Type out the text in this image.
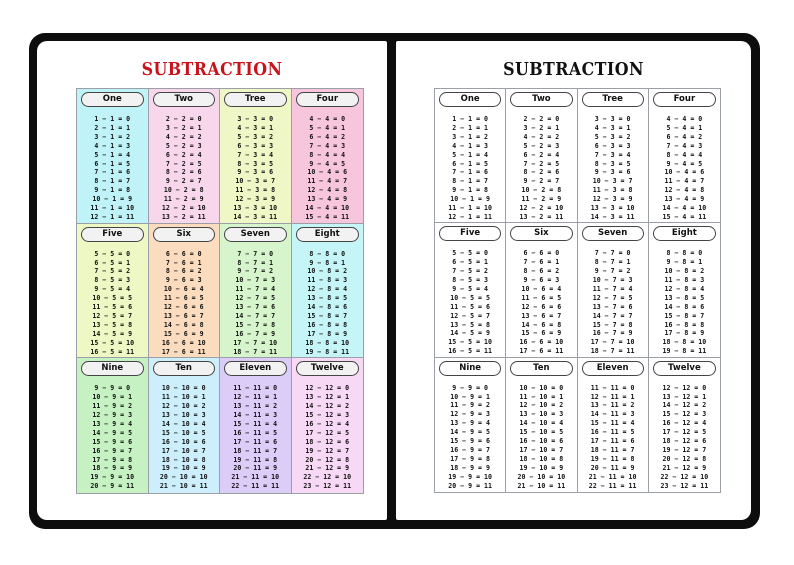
SUBTRACTION
One
1 − 1 = 0
2 − 1 = 1
3 − 1 = 2
4 − 1 = 3
5 − 1 = 4
6 − 1 = 5
7 − 1 = 6
8 − 1 = 7
9 − 1 = 8
10 − 1 = 9
11 − 1 = 10
12 − 1 = 11
Two
2 − 2 = 0
3 − 2 = 1
4 − 2 = 2
5 − 2 = 3
6 − 2 = 4
7 − 2 = 5
8 − 2 = 6
9 − 2 = 7
10 − 2 = 8
11 − 2 = 9
12 − 2 = 10
13 − 2 = 11
Tree
3 − 3 = 0
4 − 3 = 1
5 − 3 = 2
6 − 3 = 3
7 − 3 = 4
8 − 3 = 5
9 − 3 = 6
10 − 3 = 7
11 − 3 = 8
12 − 3 = 9
13 − 3 = 10
14 − 3 = 11
Four
4 − 4 = 0
5 − 4 = 1
6 − 4 = 2
7 − 4 = 3
8 − 4 = 4
9 − 4 = 5
10 − 4 = 6
11 − 4 = 7
12 − 4 = 8
13 − 4 = 9
14 − 4 = 10
15 − 4 = 11
Five
5 − 5 = 0
6 − 5 = 1
7 − 5 = 2
8 − 5 = 3
9 − 5 = 4
10 − 5 = 5
11 − 5 = 6
12 − 5 = 7
13 − 5 = 8
14 − 5 = 9
15 − 5 = 10
16 − 5 = 11
Six
6 − 6 = 0
7 − 6 = 1
8 − 6 = 2
9 − 6 = 3
10 − 6 = 4
11 − 6 = 5
12 − 6 = 6
13 − 6 = 7
14 − 6 = 8
15 − 6 = 9
16 − 6 = 10
17 − 6 = 11
Seven
7 − 7 = 0
8 − 7 = 1
9 − 7 = 2
10 − 7 = 3
11 − 7 = 4
12 − 7 = 5
13 − 7 = 6
14 − 7 = 7
15 − 7 = 8
16 − 7 = 9
17 − 7 = 10
18 − 7 = 11
Eight
8 − 8 = 0
9 − 8 = 1
10 − 8 = 2
11 − 8 = 3
12 − 8 = 4
13 − 8 = 5
14 − 8 = 6
15 − 8 = 7
16 − 8 = 8
17 − 8 = 9
18 − 8 = 10
19 − 8 = 11
Nine
9 − 9 = 0
10 − 9 = 1
11 − 9 = 2
12 − 9 = 3
13 − 9 = 4
14 − 9 = 5
15 − 9 = 6
16 − 9 = 7
17 − 9 = 8
18 − 9 = 9
19 − 9 = 10
20 − 9 = 11
Ten
10 − 10 = 0
11 − 10 = 1
12 − 10 = 2
13 − 10 = 3
14 − 10 = 4
15 − 10 = 5
16 − 10 = 6
17 − 10 = 7
18 − 10 = 8
19 − 10 = 9
20 − 10 = 10
21 − 10 = 11
Eleven
11 − 11 = 0
12 − 11 = 1
13 − 11 = 2
14 − 11 = 3
15 − 11 = 4
16 − 11 = 5
17 − 11 = 6
18 − 11 = 7
19 − 11 = 8
20 − 11 = 9
21 − 11 = 10
22 − 11 = 11
Twelve
12 − 12 = 0
13 − 12 = 1
14 − 12 = 2
15 − 12 = 3
16 − 12 = 4
17 − 12 = 5
18 − 12 = 6
19 − 12 = 7
20 − 12 = 8
21 − 12 = 9
22 − 12 = 10
23 − 12 = 11
SUBTRACTION
One
1 − 1 = 0
2 − 1 = 1
3 − 1 = 2
4 − 1 = 3
5 − 1 = 4
6 − 1 = 5
7 − 1 = 6
8 − 1 = 7
9 − 1 = 8
10 − 1 = 9
11 − 1 = 10
12 − 1 = 11
Two
2 − 2 = 0
3 − 2 = 1
4 − 2 = 2
5 − 2 = 3
6 − 2 = 4
7 − 2 = 5
8 − 2 = 6
9 − 2 = 7
10 − 2 = 8
11 − 2 = 9
12 − 2 = 10
13 − 2 = 11
Tree
3 − 3 = 0
4 − 3 = 1
5 − 3 = 2
6 − 3 = 3
7 − 3 = 4
8 − 3 = 5
9 − 3 = 6
10 − 3 = 7
11 − 3 = 8
12 − 3 = 9
13 − 3 = 10
14 − 3 = 11
Four
4 − 4 = 0
5 − 4 = 1
6 − 4 = 2
7 − 4 = 3
8 − 4 = 4
9 − 4 = 5
10 − 4 = 6
11 − 4 = 7
12 − 4 = 8
13 − 4 = 9
14 − 4 = 10
15 − 4 = 11
Five
5 − 5 = 0
6 − 5 = 1
7 − 5 = 2
8 − 5 = 3
9 − 5 = 4
10 − 5 = 5
11 − 5 = 6
12 − 5 = 7
13 − 5 = 8
14 − 5 = 9
15 − 5 = 10
16 − 5 = 11
Six
6 − 6 = 0
7 − 6 = 1
8 − 6 = 2
9 − 6 = 3
10 − 6 = 4
11 − 6 = 5
12 − 6 = 6
13 − 6 = 7
14 − 6 = 8
15 − 6 = 9
16 − 6 = 10
17 − 6 = 11
Seven
7 − 7 = 0
8 − 7 = 1
9 − 7 = 2
10 − 7 = 3
11 − 7 = 4
12 − 7 = 5
13 − 7 = 6
14 − 7 = 7
15 − 7 = 8
16 − 7 = 9
17 − 7 = 10
18 − 7 = 11
Eight
8 − 8 = 0
9 − 8 = 1
10 − 8 = 2
11 − 8 = 3
12 − 8 = 4
13 − 8 = 5
14 − 8 = 6
15 − 8 = 7
16 − 8 = 8
17 − 8 = 9
18 − 8 = 10
19 − 8 = 11
Nine
9 − 9 = 0
10 − 9 = 1
11 − 9 = 2
12 − 9 = 3
13 − 9 = 4
14 − 9 = 5
15 − 9 = 6
16 − 9 = 7
17 − 9 = 8
18 − 9 = 9
19 − 9 = 10
20 − 9 = 11
Ten
10 − 10 = 0
11 − 10 = 1
12 − 10 = 2
13 − 10 = 3
14 − 10 = 4
15 − 10 = 5
16 − 10 = 6
17 − 10 = 7
18 − 10 = 8
19 − 10 = 9
20 − 10 = 10
21 − 10 = 11
Eleven
11 − 11 = 0
12 − 11 = 1
13 − 11 = 2
14 − 11 = 3
15 − 11 = 4
16 − 11 = 5
17 − 11 = 6
18 − 11 = 7
19 − 11 = 8
20 − 11 = 9
21 − 11 = 10
22 − 11 = 11
Twelve
12 − 12 = 0
13 − 12 = 1
14 − 12 = 2
15 − 12 = 3
16 − 12 = 4
17 − 12 = 5
18 − 12 = 6
19 − 12 = 7
20 − 12 = 8
21 − 12 = 9
22 − 12 = 10
23 − 12 = 11
